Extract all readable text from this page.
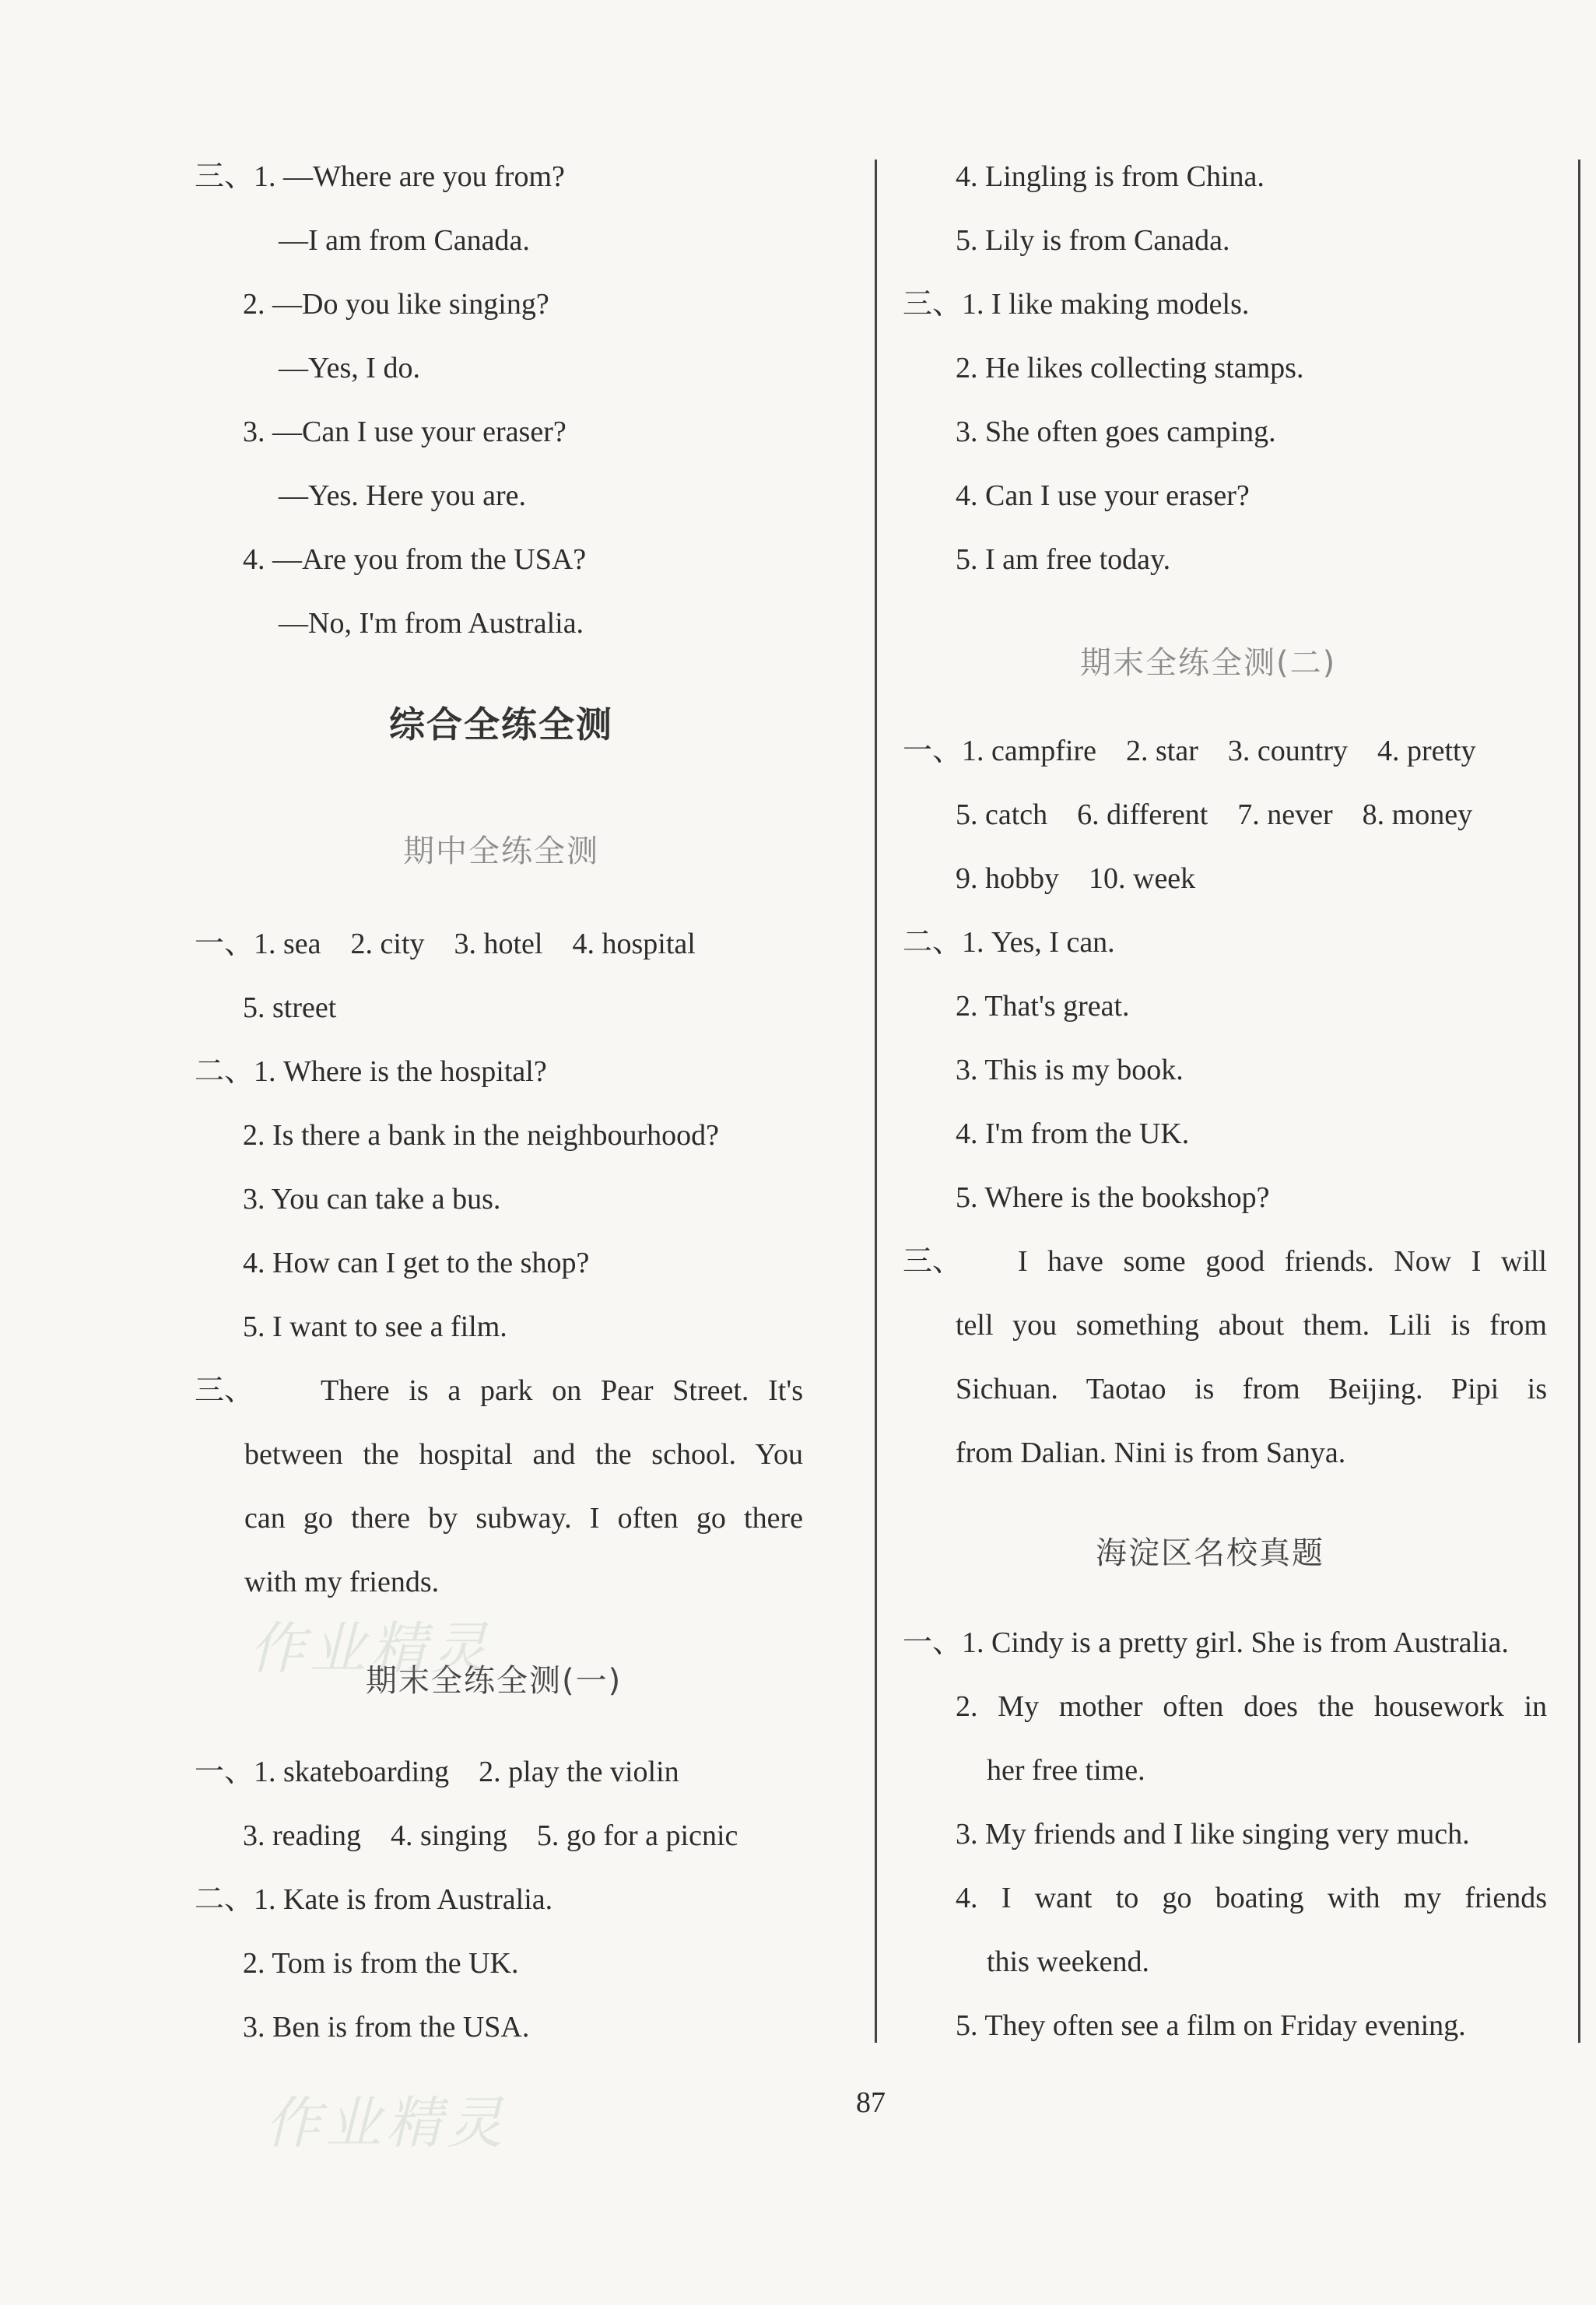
三、1. —Where are you from?
—I am from Canada.
2. —Do you like singing?
—Yes, I do.
3. —Can I use your eraser?
—Yes. Here you are.
4. —Are you from the USA?
—No, I'm from Australia.
综合全练全测
期中全练全测
一、1. sea    2. city    3. hotel    4. hospital
5. street
二、1. Where is the hospital?
2. Is there a bank in the neighbourhood?
3. You can take a bus.
4. How can I get to the shop?
5. I want to see a film.
三、 There is a park on Pear Street. It's
between the hospital and the school. You
can go there by subway. I often go there
with my friends.
期末全练全测(一)
一、1. skateboarding    2. play the violin
3. reading    4. singing    5. go for a picnic
二、1. Kate is from Australia.
2. Tom is from the UK.
3. Ben is from the USA.
4. Lingling is from China.
5. Lily is from Canada.
三、1. I like making models.
2. He likes collecting stamps.
3. She often goes camping.
4. Can I use your eraser?
5. I am free today.
期末全练全测(二)
一、1. campfire    2. star    3. country    4. pretty
5. catch    6. different    7. never    8. money
9. hobby    10. week
二、1. Yes, I can.
2. That's great.
3. This is my book.
4. I'm from the UK.
5. Where is the bookshop?
三、 I have some good friends. Now I will
tell you something about them. Lili is from
Sichuan. Taotao is from Beijing. Pipi is
from Dalian. Nini is from Sanya.
海淀区名校真题
一、1. Cindy is a pretty girl. She is from Australia.
2. My mother often does the housework in
her free time.
3. My friends and I like singing very much.
4. I want to go boating with my friends
this weekend.
5. They often see a film on Friday evening.
作业精灵
作业精灵	87
